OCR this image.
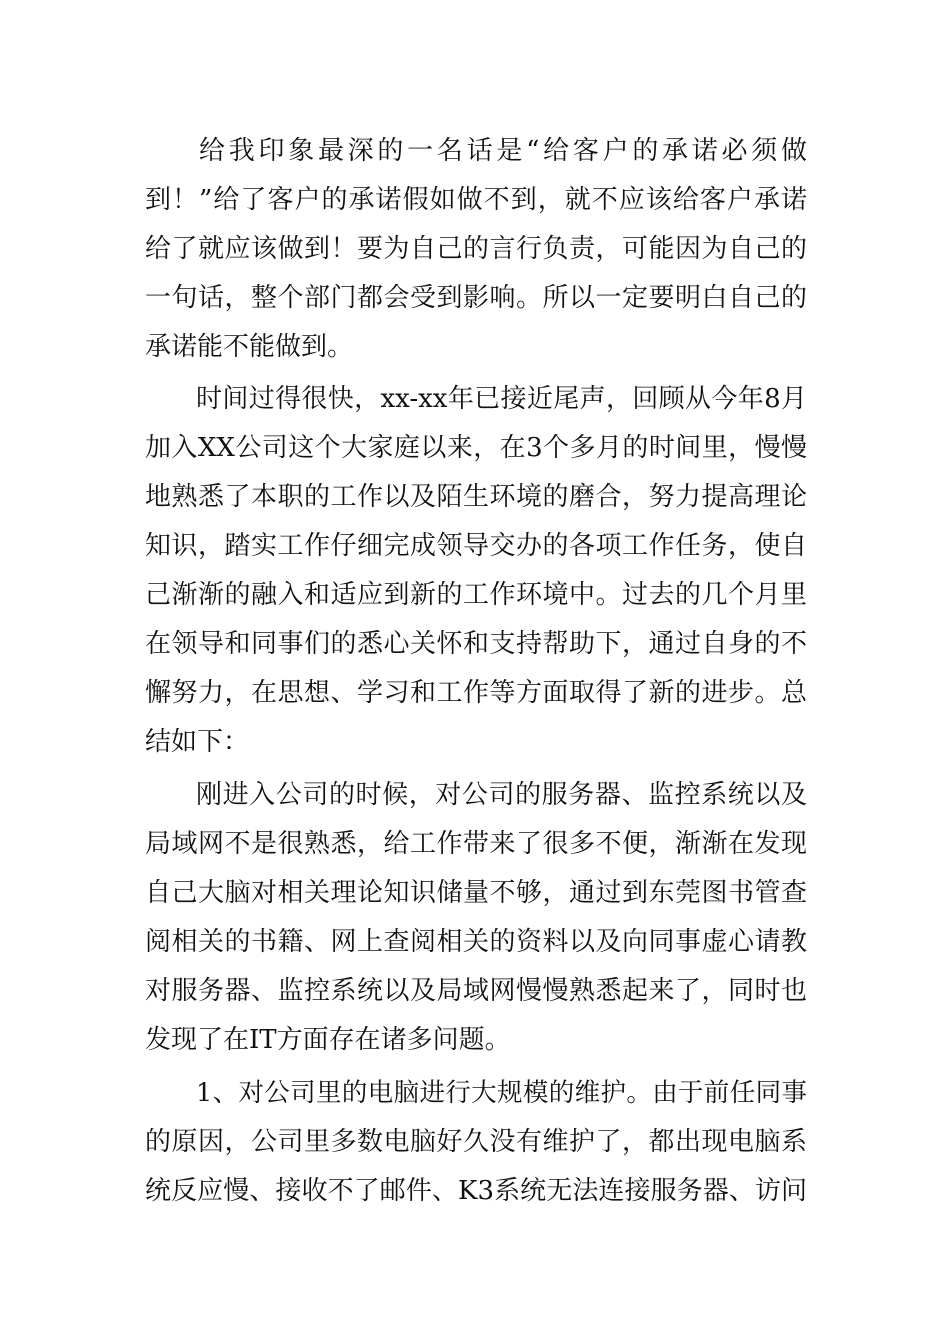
给我印象最深的一名话是“给客户的承诺必须做
到！”给了客户的承诺假如做不到，就不应该给客户承诺
给了就应该做到！要为自己的言行负责，可能因为自己的
一句话，整个部门都会受到影响。所以一定要明白自己的
承诺能不能做到。
时间过得很快，xx-xx年已接近尾声，回顾从今年8月
加入XX公司这个大家庭以来，在3个多月的时间里，慢慢
地熟悉了本职的工作以及陌生环境的磨合，努力提高理论
知识，踏实工作仔细完成领导交办的各项工作任务，使自
己渐渐的融入和适应到新的工作环境中。过去的几个月里
在领导和同事们的悉心关怀和支持帮助下，通过自身的不
懈努力，在思想、学习和工作等方面取得了新的进步。总
结如下：
刚进入公司的时候，对公司的服务器、监控系统以及
局域网不是很熟悉，给工作带来了很多不便，渐渐在发现
自己大脑对相关理论知识储量不够，通过到东莞图书管查
阅相关的书籍、网上查阅相关的资料以及向同事虚心请教
对服务器、监控系统以及局域网慢慢熟悉起来了，同时也
发现了在IT方面存在诸多问题。
1、对公司里的电脑进行大规模的维护。由于前任同事
的原因，公司里多数电脑好久没有维护了，都出现电脑系
统反应慢、接收不了邮件、K3系统无法连接服务器、访问
